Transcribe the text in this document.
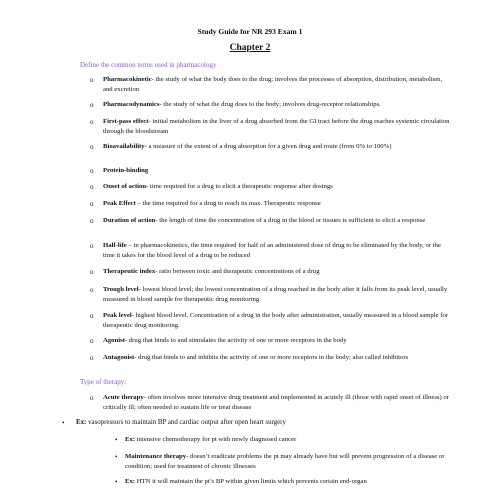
Study Guide for NR 293 Exam 1
Chapter 2
Define the common terms used in pharmacology
o Pharmacokinetic- the study of what the body does to the drug; involves the processes of absorption, distribution, metabolism, and excretion
o Pharmacodynamics- the study of what the drug does to the body; involves drug-receptor relationships.
o First-pass effect- initial metabolism in the liver of a drug absorbed from the GI tract before the drug reaches systemic circulation through the bloodstream
o Bioavailability- a measure of the extent of a drug absorption for a given drug and route (from 0% to 100%)
o Protein-binding
o Onset of action- time required for a drug to elicit a therapeutic response after dosings
o Peak Effect – the time required for a drug to reach its max. Therapeutic response
o Duration of action- the length of time the concentration of a drug in the blood or tissues is sufficient to elicit a response
o Half-life – in pharmacokinetics, the time required for half of an administered dose of drug to be eliminated by the body, or the time it takes for the blood level of a drug to be reduced
o Therapeutic index- ratio between toxic and therapeutic concentrations of a drug
o Trough level- lowest blood level; the lowest concentration of a drug reached in the body after it falls from its peak level, usually measured in blood sample for therapeutic drug monitoring
o Peak level- highest blood level. Concentration of a drug in the body after administration, usually measured in a blood sample for therapeutic drug monitoring.
o Agonist- drug that binds to and stimulates the activity of one or more receptors in the body
o Antagonist- drug that binds to and inhibits the activity of one or more receptors in the body; also called inhibitors
Type of therapy:
o Acute therapy- often involves more intensive drug treatment and implemented in acutely ill (those with rapid onset of illness) or critically ill; often needed to sustain life or treat disease
• Ex: vasopressors to maintain BP and cardiac output after open heart surgery
• Ex: intensive chemotherapy for pt with newly diagnosed cancer
• Maintenance therapy- doesn’t eradicate problems the pt may already have but will prevent progression of a disease or condition; used for treatment of chronic illnesses
• Ex: HTN it will maintain the pt’s BP within given limits which prevents certain end-organ
